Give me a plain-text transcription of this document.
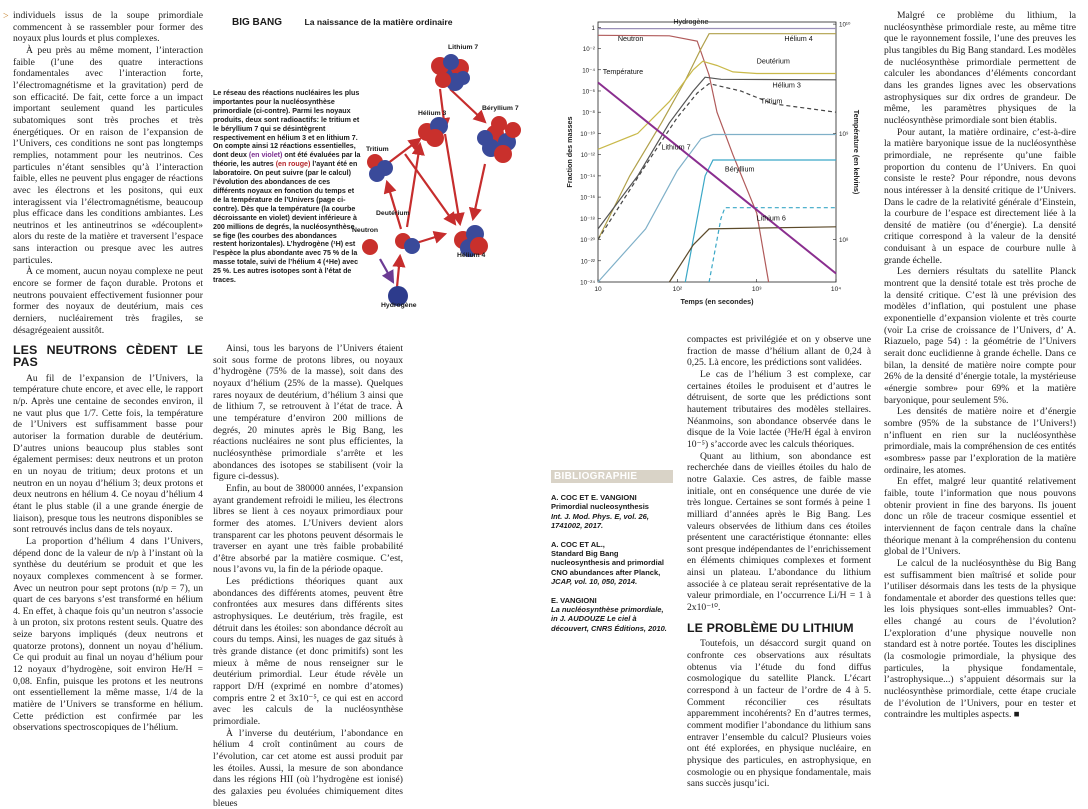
> individuels issus de la soupe primordiale commencent à se rassembler pour former des noyaux plus lourds et plus complexes.

À peu près au même moment, l’interaction faible (l’une des quatre interactions fondamentales avec l’interaction forte, l’électromagnétisme et la gravitation) perd de son efficacité. De fait, cette force a un impact important seulement quand les particules subatomiques sont très proches et très énergétiques. Or en raison de l’expansion de l’Univers, ces conditions ne sont pas longtemps remplies, notamment pour les neutrinos. Ces particules n’étant sensibles qu’à l’interaction faible, elles ne peuvent plus engager de réactions avec les électrons et les positons, qui eux interagissent via l’électromagnétisme, beaucoup plus efficace dans les conditions ambiantes. Les neutrinos et les antineutrinos se «découplent» alors du reste de la matière et traversent l’espace sans interaction ou presque avec les autres particules.

À ce moment, aucun noyau complexe ne peut encore se former de façon durable. Protons et neutrons pouvaient effectivement fusionner pour former des noyaux de deutérium, mais ces derniers, nucléairement très fragiles, se désagrégeaient aussitôt.

LES NEUTRONS CÈDENT LE PAS

Au fil de l’expansion de l’Univers, la température chute encore, et avec elle, le rapport n/p. Après une centaine de secondes environ, il ne vaut plus que 1/7. Cette fois, la température de l’Univers est suffisamment basse pour autoriser la formation durable de deutérium. D’autres unions beaucoup plus stables sont également permises: deux neutrons et un proton en un noyau de tritium; deux protons et un neutron en un noyau d’hélium 3; deux protons et deux neutrons en hélium 4. Ce noyau d’hélium 4 étant le plus stable (il a une grande énergie de liaison), presque tous les neutrons disponibles se sont retrouvés inclus dans de tels noyaux.

La proportion d’hélium 4 dans l’Univers, dépend donc de la valeur de n/p à l’instant où la synthèse du deutérium se produit et que les noyaux complexes commencent à se former. Avec un neutron pour sept protons (n/p = 7), un quart de ces baryons s’est transformé en hélium 4. En effet, à chaque fois qu’un neutron s’associe à un proton, six protons restent seuls. Quatre des seize baryons impliqués (deux neutrons et quatorze protons), donnent un noyau d’hélium. Ce qui produit au final un noyau d’hélium pour 12 noyaux d’hydrogène, soit environ He/H = 0,08. Enfin, puisque les protons et les neutrons ont essentiellement la même masse, 1/4 de la matière de l’Univers se transforme en hélium. Cette prédiction est confirmée par les observations spectroscopiques de l’hélium.

BIG BANG	La naissance de la matière ordinaire
Le réseau des réactions nucléaires les plus importantes pour la nucléosynthèse primordiale (ci-contre). Parmi les noyaux produits, deux sont radioactifs: le tritium et le béryllium 7 qui se désintègrent respectivement en hélium 3 et en lithium 7. On compte ainsi 12 réactions essentielles, dont deux (en violet) ont été évaluées par la théorie, les autres (en rouge) l’ayant été en laboratoire. On peut suivre (par le calcul) l’évolution des abondances de ces différents noyaux en fonction du temps et de la température de l’Univers (page ci-contre). Dès que la température (la courbe décroissante en violet) devient inférieure à 200 millions de degrés, la nucléosynthèse se fige (les courbes des abondances restent horizontales). L’hydrogène (¹H) est l’espèce la plus abondante avec 75 % de la masse totale, suivi de l’hélium 4 (⁴He) avec 25 %. Les autres isotopes sont à l’état de traces.
Lithium 7
Hélium 3
Béryllium 7
Tritium
Deutérium
Neutron
Hélium 4
Hydrogène
1
10⁻²
10⁻⁴
10⁻⁶
10⁻⁸
10⁻¹⁰
10⁻¹²
10⁻¹⁴
10⁻¹⁶
10⁻¹⁸
10⁻²⁰
10⁻²²
10⁻²⁴
10	10²	10³	10⁴
10¹⁰
10⁹
10⁸
Temps (en secondes)
Fraction des masses	Température (en kelvins)
Hydrogène
Neutron	Hélium 4
Température
Deutérium
Hélium 3
Tritium
Lithium 7
Béryllium
Lithium 6

Ainsi, tous les baryons de l’Univers étaient soit sous forme de protons libres, ou noyaux d’hydrogène (75% de la masse), soit dans des noyaux d’hélium (25% de la masse). Quelques rares noyaux de deutérium, d’hélium 3 ainsi que de lithium 7, se retrouvent à l’état de trace. À une température d’environ 200 millions de degrés, 20 minutes après le Big Bang, les réactions nucléaires ne sont plus efficientes, la nucléosynthèse primordiale s’arrête et les abondances des isotopes se stabilisent (voir la figure ci-dessus).

Enfin, au bout de 380000 années, l’expansion ayant grandement refroidi le milieu, les électrons libres se lient à ces noyaux primordiaux pour former des atomes. L’Univers devient alors transparent car les photons peuvent désormais le traverser en ayant une très faible probabilité d’être absorbé par la matière cosmique. C’est, nous l’avons vu, la fin de la période opaque.

Les prédictions théoriques quant aux abondances des différents atomes, peuvent être confrontées aux mesures dans différents sites astrophysiques. Le deutérium, très fragile, est détruit dans les étoiles: son abondance décroît au cours du temps. Ainsi, les nuages de gaz situés à très grande distance (et donc primitifs) sont les mieux à même de nous renseigner sur le deutérium primordial. Leur étude révèle un rapport D/H (exprimé en nombre d’atomes) compris entre 2 et 3x10⁻⁵, ce qui est en accord avec les calculs de la nucléosynthèse primordiale.

À l’inverse du deutérium, l’abondance en hélium 4 croît continûment au cours de l’évolution, car cet atome est aussi produit par les étoiles. Aussi, la mesure de son abondance dans les régions HII (où l’hydrogène est ionisé) des galaxies peu évoluées chimiquement dites bleues

BIBLIOGRAPHIE
A. COC ET E. VANGIONI
Primordial nucleosynthesis
Int. J. Mod. Phys. E, vol. 26, 1741002, 2017.
A. COC ET AL.,
Standard Big Bang nucleosynthesis and primordial CNO abundances after Planck,
JCAP, vol. 10, 050, 2014.
E. VANGIONI
La nucléosynthèse primordiale,
in J. AUDOUZE Le ciel à découvert, CNRS Éditions, 2010.

compactes est privilégiée et on y observe une fraction de masse d’hélium allant de 0,24 à 0,25. Là encore, les prédictions sont validées.

Le cas de l’hélium 3 est complexe, car certaines étoiles le produisent et d’autres le détruisent, de sorte que les prédictions sont hautement tributaires des modèles stellaires. Néanmoins, son abondance observée dans le disque de la Voie lactée (³He/H égal à environ 10⁻⁵) s’accorde avec les calculs théoriques.

Quant au lithium, son abondance est recherchée dans de vieilles étoiles du halo de notre Galaxie. Ces astres, de faible masse initiale, ont en conséquence une durée de vie très longue. Certaines se sont formés à peine 1 milliard d’années après le Big Bang. Les valeurs observées de lithium dans ces étoiles présentent une caractéristique étonnante: elles sont presque indépendantes de l’enrichissement en éléments chimiques complexes et forment ainsi un plateau. L’abondance du lithium associée à ce plateau serait représentative de la valeur primordiale, en l’occurrence Li/H = 1 à 2x10⁻¹⁰.

LE PROBLÈME DU LITHIUM

Toutefois, un désaccord surgit quand on confronte ces observations aux résultats obtenus via l’étude du fond diffus cosmologique du satellite Planck. L’écart correspond à un facteur de l’ordre de 4 à 5. Comment réconcilier ces résultats apparemment incohérents? En d’autres termes, comment modifier l’abondance du lithium sans entraver l’ensemble du calcul? Plusieurs voies ont été explorées, en physique nucléaire, en physique des particules, en astrophysique, en cosmologie ou en physique fondamentale, mais sans succès jusqu’ici.

Malgré ce problème du lithium, la nucléosynthèse primordiale reste, au même titre que le rayonnement fossile, l’une des preuves les plus tangibles du Big Bang standard. Les modèles de nucléosynthèse primordiale permettent de calculer les abondances d’éléments concordant dans les grandes lignes avec les observations astrophysiques sur dix ordres de grandeur. De même, les paramètres physiques de la nucléosynthèse primordiale sont bien établis.

Pour autant, la matière ordinaire, c’est-à-dire la matière baryonique issue de la nucléosynthèse primordiale, ne représente qu’une faible proportion du contenu de l’Univers. En quoi consiste le reste? Pour répondre, nous devons nous intéresser à la densité critique de l’Univers. Dans le cadre de la relativité générale d’Einstein, la courbure de l’espace est directement liée à la densité de matière (ou d’énergie). La densité critique correspond à la valeur de la densité conduisant à un espace de courbure nulle à grande échelle.

Les derniers résultats du satellite Planck montrent que la densité totale est très proche de la densité critique. C’est là une prévision des modèles d’inflation, qui postulent une phase exponentielle d’expansion violente et très courte (voir La crise de croissance de l’Univers, d’ A. Riazuelo, page 54) : la géométrie de l’Univers serait donc euclidienne à grande échelle. Dans ce bilan, la densité de matière noire compte pour 26% de la densité d’énergie totale, la mystérieuse «énergie sombre» pour 69% et la matière baryonique, pour seulement 5%.

Les densités de matière noire et d’énergie sombre (95% de la substance de l’Univers!) n’influent en rien sur la nucléosynthèse primordiale, mais la compréhension de ces entités «sombres» passe par l’exploration de la matière ordinaire, les atomes.

En effet, malgré leur quantité relativement faible, toute l’information que nous pouvons obtenir provient in fine des baryons. Ils jouent donc un rôle de traceur cosmique essentiel et interviennent de façon centrale dans la chaîne théorique menant à la compréhension du contenu global de l’Univers.

Le calcul de la nucléosynthèse du Big Bang est suffisamment bien maîtrisé et solide pour l’utiliser désormais dans les tests de la physique fondamentale et aborder des questions telles que: les lois physiques sont-elles immuables? Ont-elles changé au cours de l’évolution? L’exploration d’une physique nouvelle non standard est à notre portée. Toutes les disciplines (la cosmologie primordiale, la physique des particules, la physique fondamentale, l’astrophysique...) s’appuient désormais sur la nucléosynthèse primordiale, cette étape cruciale de l’évolution de l’Univers, pour en tester et contraindre les multiples aspects. ■
